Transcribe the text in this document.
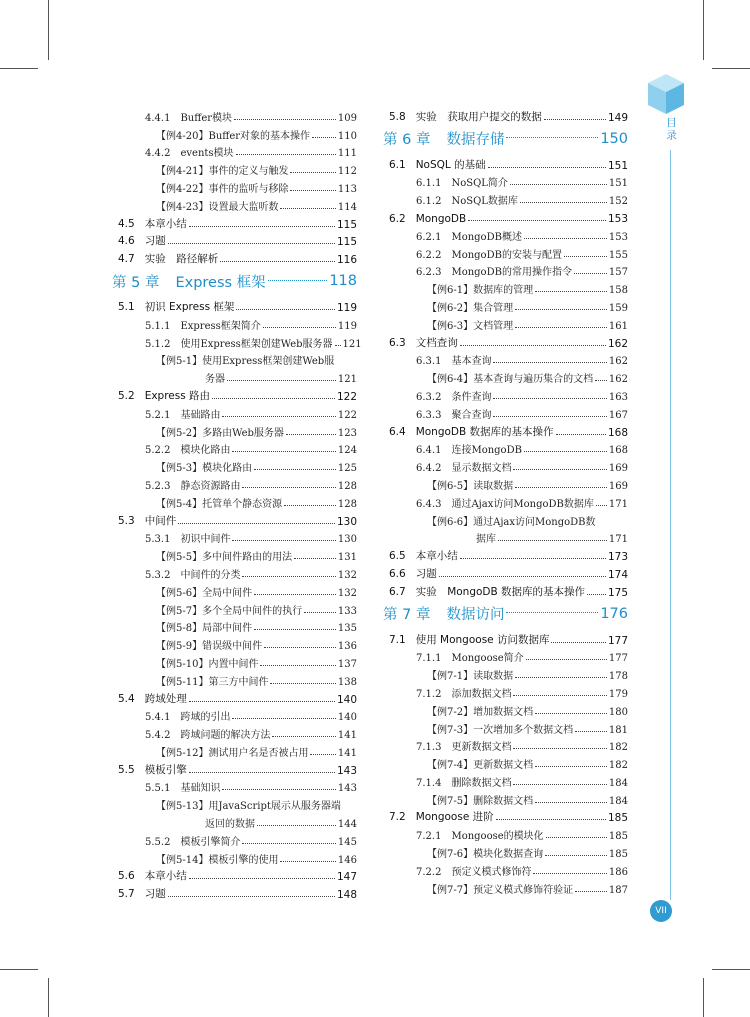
目录
VII
4.4.1 Buffer模块	109
【例4-20】Buffer对象的基本操作	110
4.4.2 events模块	111
【例4-21】事件的定义与触发	112
【例4-22】事件的监听与移除	113
【例4-23】设置最大监听数	114
4.5 本章小结	115
4.6 习题	115
4.7 实验　路径解析	116
第 5 章 Express 框架	118
5.1 初识 Express 框架	119
5.1.1 Express框架简介	119
5.1.2 使用Express框架创建Web服务器 121
【例5-1】使用Express框架创建Web服
务器	121
5.2 Express 路由	122
5.2.1 基础路由	122
【例5-2】多路由Web服务器	123
5.2.2 模块化路由	124
【例5-3】模块化路由	125
5.2.3 静态资源路由	128
【例5-4】托管单个静态资源	128
5.3 中间件	130
5.3.1 初识中间件	130
【例5-5】多中间件路由的用法	131
5.3.2 中间件的分类	132
【例5-6】全局中间件	132
【例5-7】多个全局中间件的执行	133
【例5-8】局部中间件	135
【例5-9】错误级中间件	136
【例5-10】内置中间件	137
【例5-11】第三方中间件	138
5.4 跨域处理	140
5.4.1 跨域的引出	140
5.4.2 跨域问题的解决方法	141
【例5-12】测试用户名是否被占用	141
5.5 模板引擎	143
5.5.1 基础知识	143
【例5-13】用JavaScript展示从服务器端
返回的数据	144
5.5.2 模板引擎简介	145
【例5-14】模板引擎的使用	146
5.6 本章小结	147
5.7 习题	148
5.8 实验　获取用户提交的数据	149
第 6 章 数据存储	150
6.1 NoSQL 的基础	151
6.1.1 NoSQL简介	151
6.1.2 NoSQL数据库	152
6.2 MongoDB	153
6.2.1 MongoDB概述	153
6.2.2 MongoDB的安装与配置	155
6.2.3 MongoDB的常用操作指令	157
【例6-1】数据库的管理	158
【例6-2】集合管理	159
【例6-3】文档管理	161
6.3 文档查询	162
6.3.1 基本查询	162
【例6-4】基本查询与遍历集合的文档 162
6.3.2 条件查询	163
6.3.3 聚合查询	167
6.4 MongoDB 数据库的基本操作	168
6.4.1 连接MongoDB	168
6.4.2 显示数据文档	169
【例6-5】读取数据	169
6.4.3 通过Ajax访问MongoDB数据库 171
【例6-6】通过Ajax访问MongoDB数
据库	171
6.5 本章小结	173
6.6 习题	174
6.7 实验　MongoDB 数据库的基本操作 175
第 7 章 数据访问	176
7.1 使用 Mongoose 访问数据库	177
7.1.1 Mongoose简介	177
【例7-1】读取数据	178
7.1.2 添加数据文档	179
【例7-2】增加数据文档	180
【例7-3】一次增加多个数据文档	181
7.1.3 更新数据文档	182
【例7-4】更新数据文档	182
7.1.4 删除数据文档	184
【例7-5】删除数据文档	184
7.2 Mongoose 进阶	185
7.2.1 Mongoose的模块化	185
【例7-6】模块化数据查询	185
7.2.2 预定义模式修饰符	186
【例7-7】预定义模式修饰符验证	187
